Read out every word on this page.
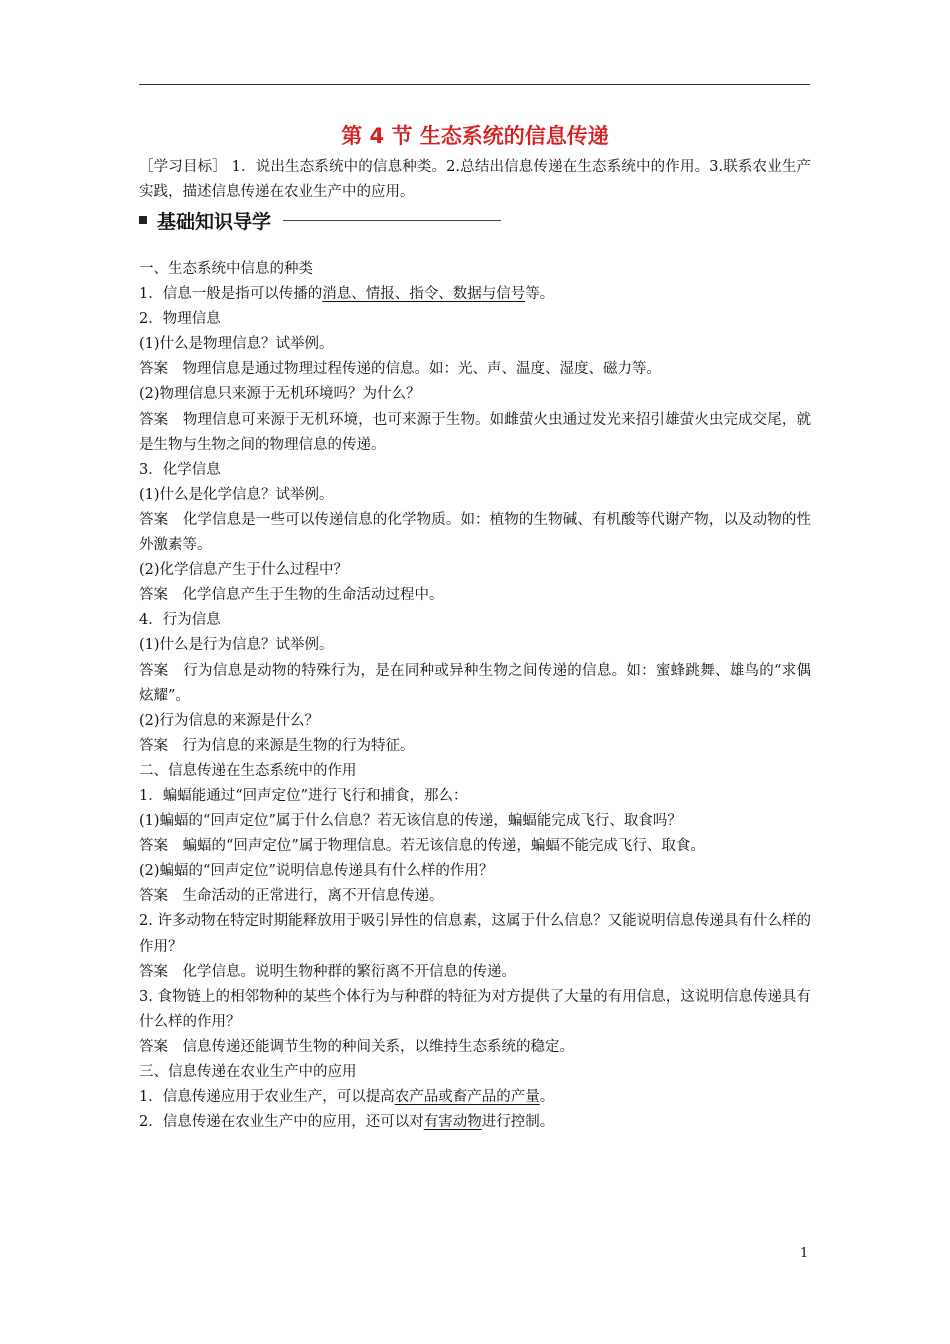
第 4 节 生态系统的信息传递
［学习目标］ 1．说出生态系统中的信息种类。2.总结出信息传递在生态系统中的作用。3.联系农业生产实践，描述信息传递在农业生产中的应用。
基础知识导学
一、生态系统中信息的种类
1．信息一般是指可以传播的消息、情报、指令、数据与信号等。
2．物理信息
(1)什么是物理信息？试举例。
答案　物理信息是通过物理过程传递的信息。如：光、声、温度、湿度、磁力等。
(2)物理信息只来源于无机环境吗？为什么？
答案　物理信息可来源于无机环境，也可来源于生物。如雌萤火虫通过发光来招引雄萤火虫完成交尾，就是生物与生物之间的物理信息的传递。
3．化学信息
(1)什么是化学信息？试举例。
答案　化学信息是一些可以传递信息的化学物质。如：植物的生物碱、有机酸等代谢产物，以及动物的性外激素等。
(2)化学信息产生于什么过程中？
答案　化学信息产生于生物的生命活动过程中。
4．行为信息
(1)什么是行为信息？试举例。
答案　行为信息是动物的特殊行为，是在同种或异种生物之间传递的信息。如：蜜蜂跳舞、雄鸟的“求偶炫耀”。
(2)行为信息的来源是什么？
答案　行为信息的来源是生物的行为特征。
二、信息传递在生态系统中的作用
1．蝙蝠能通过“回声定位”进行飞行和捕食，那么：
(1)蝙蝠的“回声定位”属于什么信息？若无该信息的传递，蝙蝠能完成飞行、取食吗？
答案　蝙蝠的“回声定位”属于物理信息。若无该信息的传递，蝙蝠不能完成飞行、取食。
(2)蝙蝠的“回声定位”说明信息传递具有什么样的作用？
答案　生命活动的正常进行，离不开信息传递。
2. 许多动物在特定时期能释放用于吸引异性的信息素，这属于什么信息？又能说明信息传递具有什么样的作用？
答案　化学信息。说明生物种群的繁衍离不开信息的传递。
3. 食物链上的相邻物种的某些个体行为与种群的特征为对方提供了大量的有用信息，这说明信息传递具有什么样的作用？
答案　信息传递还能调节生物的种间关系，以维持生态系统的稳定。
三、信息传递在农业生产中的应用
1．信息传递应用于农业生产，可以提高农产品或畜产品的产量。
2．信息传递在农业生产中的应用，还可以对有害动物进行控制。
1
